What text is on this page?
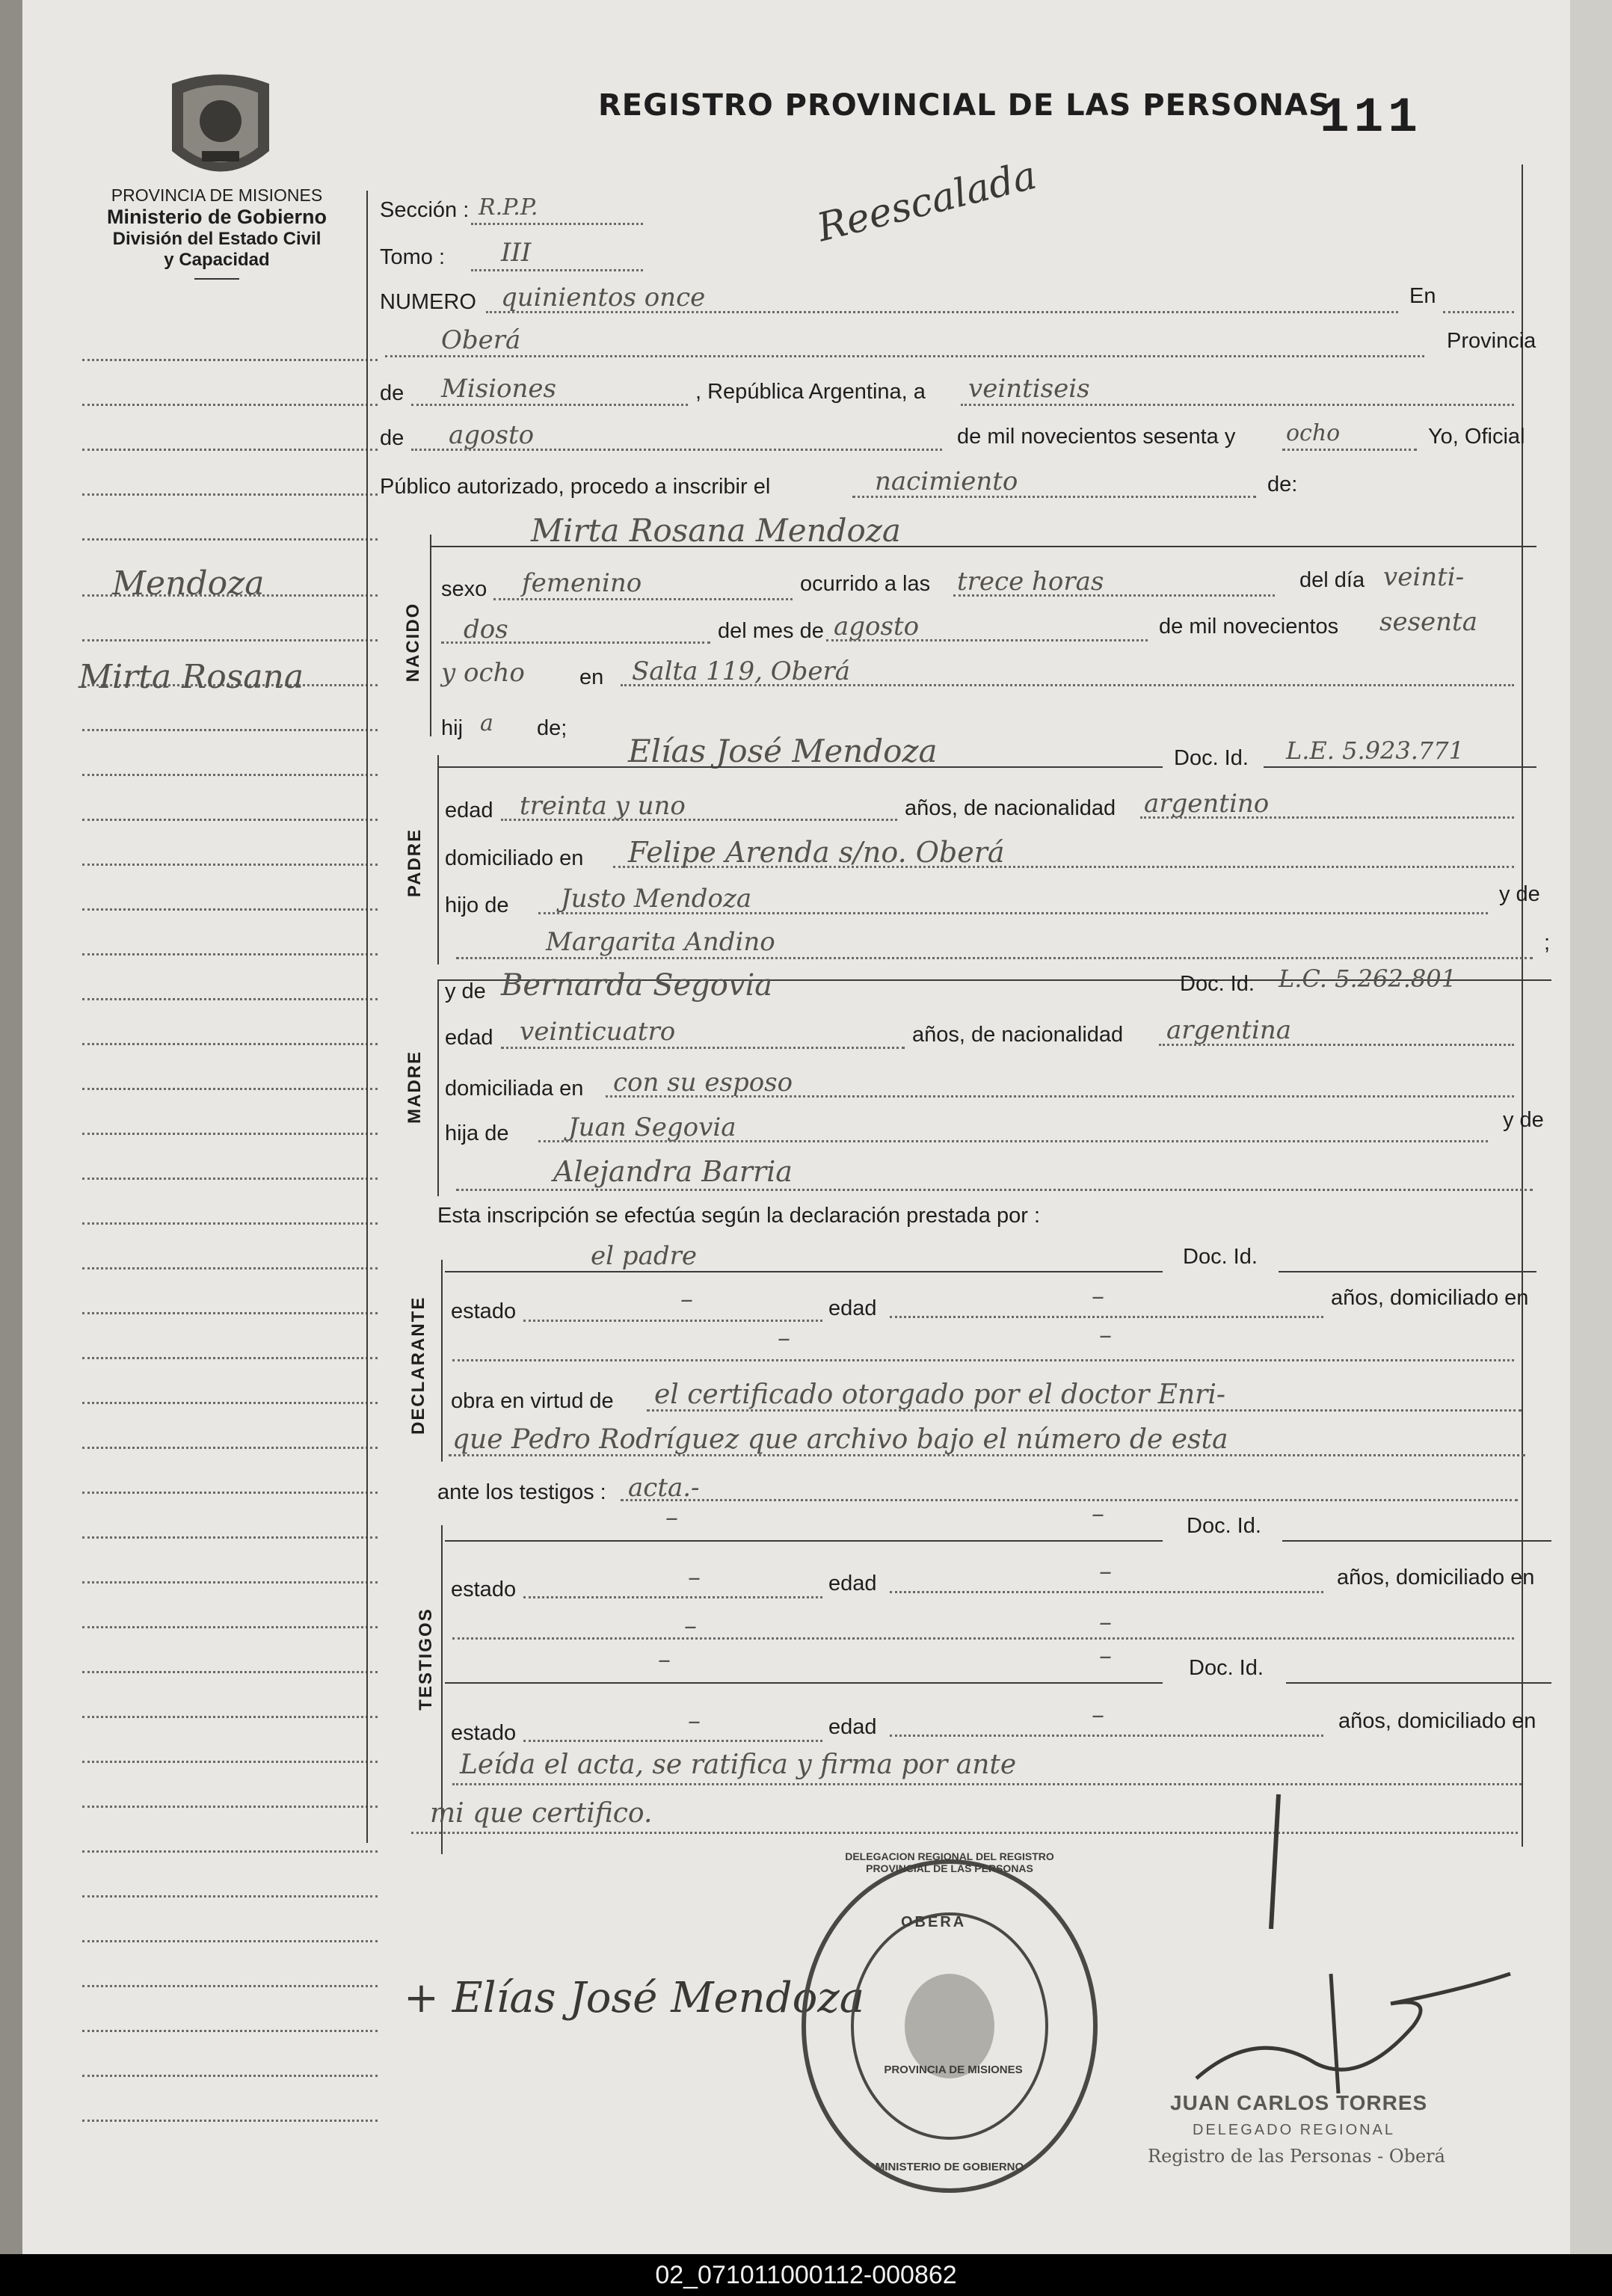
PROVINCIA DE MISIONES
Ministerio de Gobierno
División del Estado Civil
y Capacidad
REGISTRO PROVINCIAL DE LAS PERSONAS
111
Reescalada
Mendoza
Mirta Rosana
Sección : R.P.P.
Tomo : III
NUMERO quinientos once	En
Oberá	Provincia
de Misiones	, República Argentina, a veintiseis
de agosto	de mil novecientos sesenta y ocho	Yo, Oficial
Público autorizado, procedo a inscribir el	nacimiento	de:
Mirta Rosana Mendoza
NACIDO
sexo femenino	ocurrido a las trece horas	del día veinti-
dos	del mes de agosto	de mil novecientos sesenta
y ocho	en Salta 119, Oberá
hij a de;
Elías José Mendoza	Doc. Id. L.E. 5.923.771
PADRE
edad treinta y uno	años, de nacionalidad argentino
domiciliado en Felipe Arenda s/no. Oberá
hijo de Justo Mendoza	y de
Margarita Andino	;
MADRE
y de Bernarda Segovia	Doc. Id. L.C. 5.262.801
edad veinticuatro	años, de nacionalidad argentina
domiciliada en con su esposo
hija de Juan Segovia	y de
Alejandra Barria
Esta inscripción se efectúa según la declaración prestada por :
el padre	Doc. Id.
DECLARANTE estado	–	edad	–	años, domiciliado en
–	–
obra en virtud de el certificado otorgado por el doctor Enri-
que Pedro Rodríguez que archivo bajo el número de esta
ante los testigos : acta.-
–	–	Doc. Id.
TESTIGOS
estado	–	edad	–	años, domiciliado en
–	–
–	–	Doc. Id.
estado	–	edad	–	años, domiciliado en
Leída el acta, se ratifica y firma por ante
mi que certifico.
+ Elías José Mendoza
OBERA
DELEGACION REGIONAL DEL REGISTRO PROVINCIAL DE LAS PERSONAS
PROVINCIA DE MISIONES
MINISTERIO DE GOBIERNO
JUAN CARLOS TORRES
DELEGADO REGIONAL
Registro de las Personas - Oberá
02_071011000112-000862
